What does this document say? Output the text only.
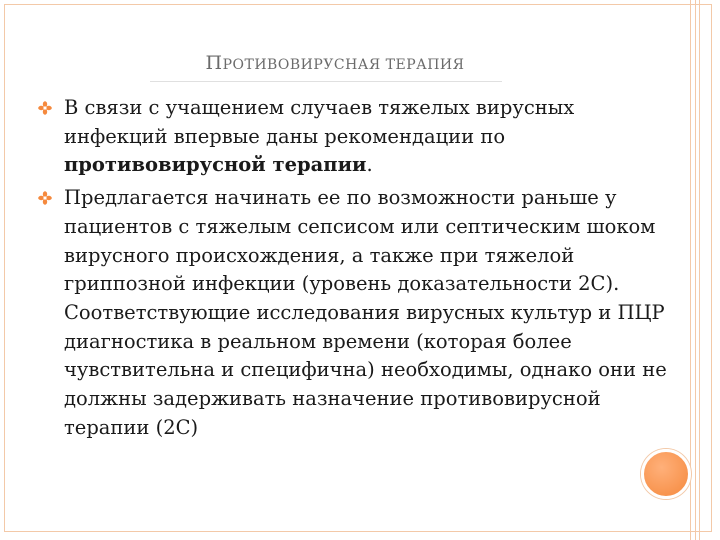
ПРОТИВОВИРУСНАЯ ТЕРАПИЯ
В связи с учащением случаев тяжелых вирусных инфекций впервые даны рекомендации по противовирусной терапии.
Предлагается начинать ее по возможности раньше у пациентов с тяжелым сепсисом или септическим шоком вирусного происхождения, а также при тяжелой гриппозной инфекции (уровень доказательности 2С). Соответствующие исследования вирусных культур и ПЦР диагностика в реальном времени (которая более чувствительна и специфична) необходимы, однако они не должны задерживать назначение противовирусной терапии (2С)
